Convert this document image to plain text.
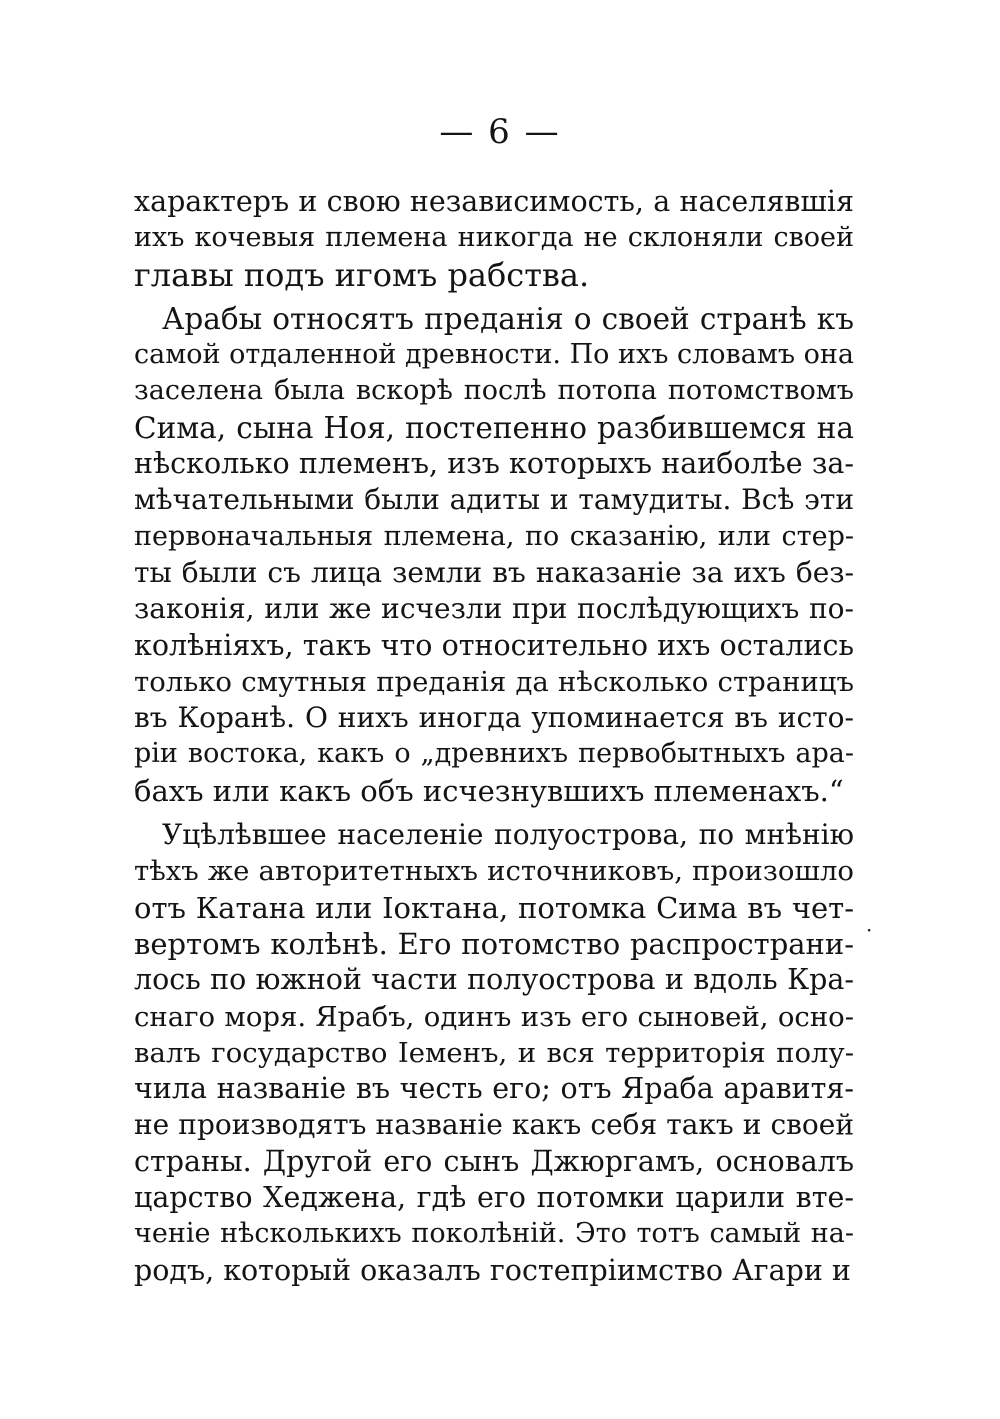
— 6 —
характеръ и свою независимость, а населявшія
ихъ кочевыя племена никогда не склоняли своей
главы подъ игомъ рабства.
Арабы относятъ преданія о своей странѣ къ
самой отдаленной древности. По ихъ словамъ она
заселена была вскорѣ послѣ потопа потомствомъ
Сима, сына Ноя, постепенно разбившемся на
нѣсколько племенъ, изъ которыхъ наиболѣе за-
мѣчательными были адиты и тамудиты. Всѣ эти
первоначальныя племена, по сказанію, или стер-
ты были съ лица земли въ наказаніе за ихъ без-
законія, или же исчезли при послѣдующихъ по-
колѣніяхъ, такъ что относительно ихъ остались
только смутныя преданія да нѣсколько страницъ
въ Коранѣ. О нихъ иногда упоминается въ исто-
ріи востока, какъ о „древнихъ первобытныхъ ара-
бахъ или какъ объ исчезнувшихъ племенахъ.“
Уцѣлѣвшее населеніе полуострова, по мнѣнію
тѣхъ же авторитетныхъ источниковъ, произошло
отъ Катана или Іоктана, потомка Сима въ чет-
вертомъ колѣнѣ. Его потомство распространи-
лось по южной части полуострова и вдоль Кра-
снаго моря. Ярабъ, одинъ изъ его сыновей, осно-
валъ государство Іеменъ, и вся территорія полу-
чила названіе въ честь его; отъ Яраба аравитя-
не производятъ названіе какъ себя такъ и своей
страны. Другой его сынъ Джюргамъ, основалъ
царство Хеджена, гдѣ его потомки царили вте-
ченіе нѣсколькихъ поколѣній. Это тотъ самый на-
родъ, который оказалъ гостепріимство Агари и
·
